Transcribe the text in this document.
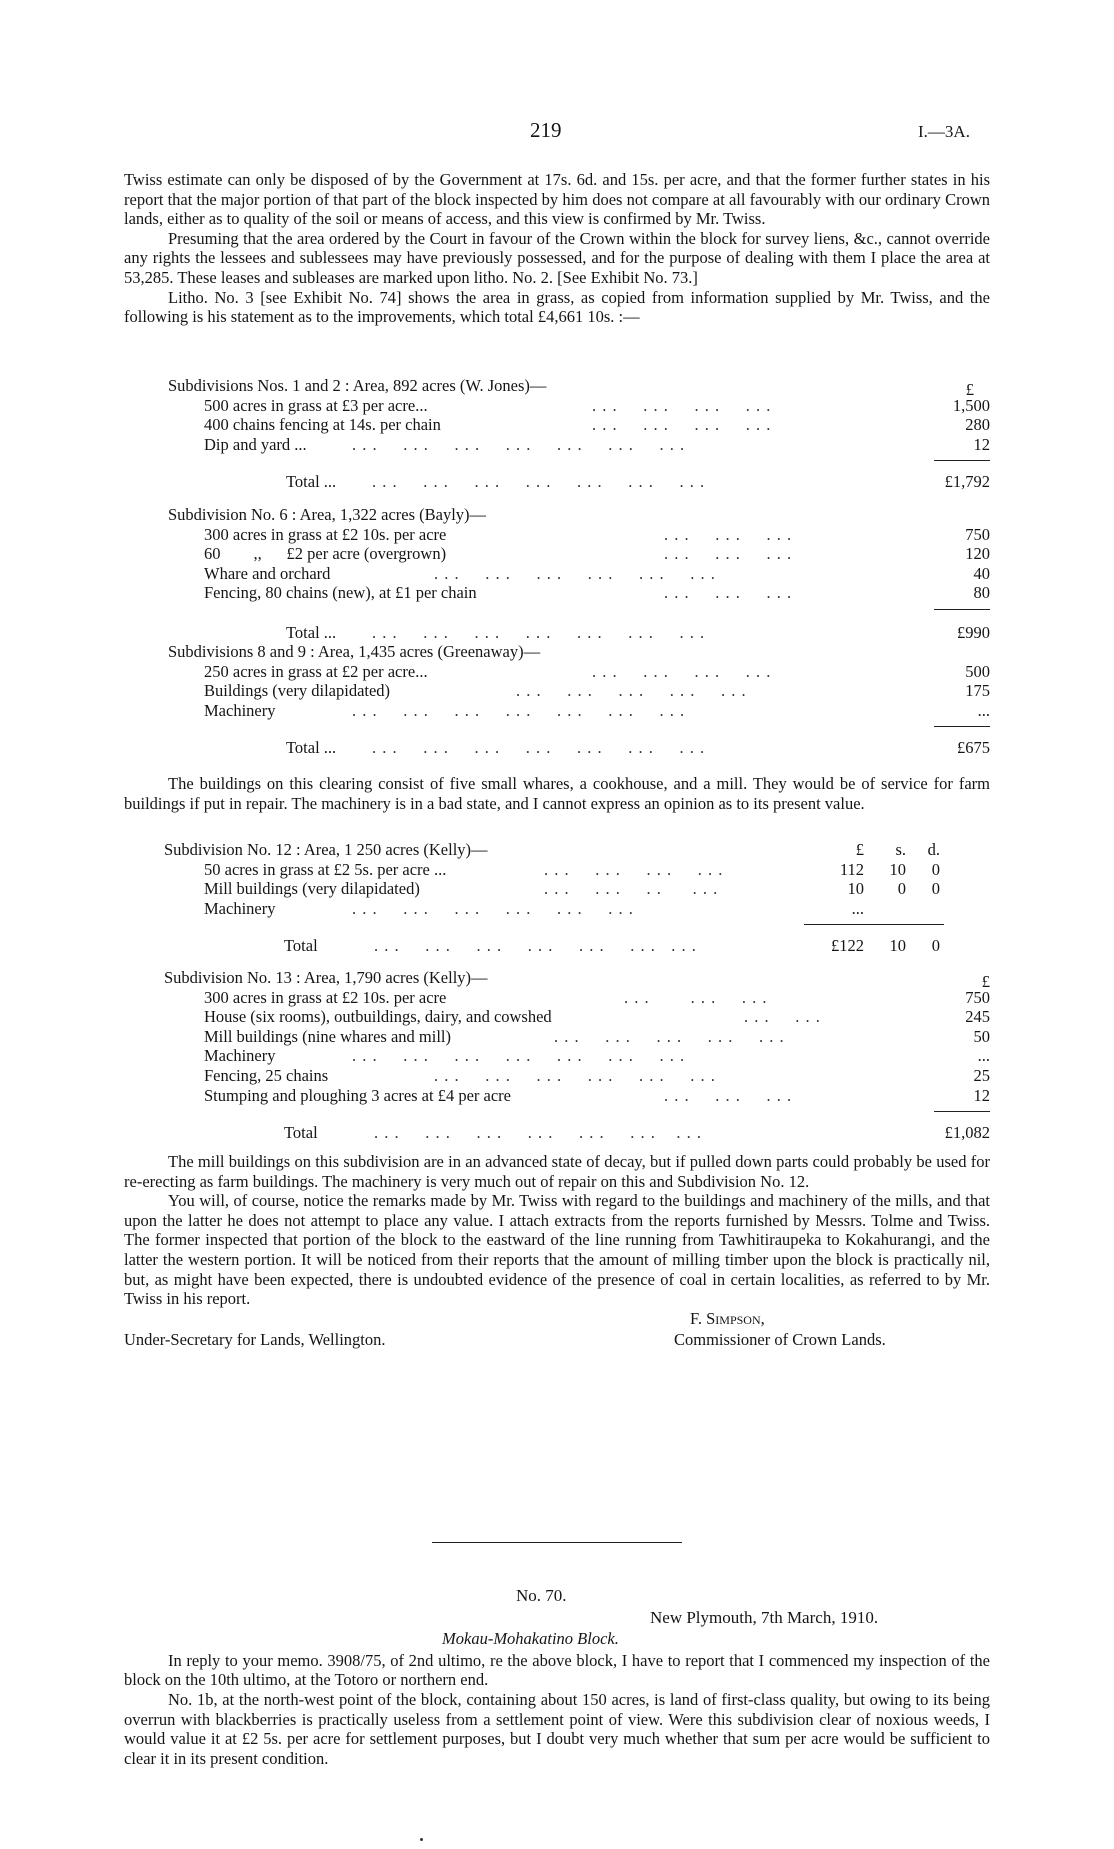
219	I.—3A.

Twiss estimate can only be disposed of by the Government at 17s. 6d. and 15s. per acre, and that the former further states in his report that the major portion of that part of the block inspected by him does not compare at all favourably with our ordinary Crown lands, either as to quality of the soil or means of access, and this view is confirmed by Mr. Twiss.

Presuming that the area ordered by the Court in favour of the Crown within the block for survey liens, &c., cannot override any rights the lessees and sublessees may have previously possessed, and for the purpose of dealing with them I place the area at 53,285. These leases and subleases are marked upon litho. No. 2. [See Exhibit No. 73.]

Litho. No. 3 [see Exhibit No. 74] shows the area in grass, as copied from information supplied by Mr. Twiss, and the following is his statement as to the improvements, which total £4,661 10s. :—

Subdivisions Nos. 1 and 2 : Area, 892 acres (W. Jones)—	£
500 acres in grass at £3 per acre...	. . .     . . .     . . .     . . .	1,500
400 chains fencing at 14s. per chain	. . .     . . .     . . .     . . .	280
Dip and yard ...	. . .     . . .     . . .     . . .     . . .     . . .     . . .	12
Total ... . . .     . . .     . . .     . . .     . . .     . . .     . . .	£1,792
Subdivision No. 6 : Area, 1,322 acres (Bayly)—
300 acres in grass at £2 10s. per acre	. . .     . . .     . . .	750
60        ,,      £2 per acre (overgrown)	. . .     . . .     . . .	120
Whare and orchard	. . .     . . .     . . .     . . .     . . .     . . .	40
Fencing, 80 chains (new), at £1 per chain	. . .     . . .     . . .	80
Total ... . . .     . . .     . . .     . . .     . . .     . . .     . . .	£990
Subdivisions 8 and 9 : Area, 1,435 acres (Greenaway)—
250 acres in grass at £2 per acre...	. . .     . . .     . . .     . . .	500
Buildings (very dilapidated)	. . .     . . .     . . .     . . .     . . .	175
Machinery	. . .     . . .     . . .     . . .     . . .     . . .     . . .	...
Total ... . . .     . . .     . . .     . . .     . . .     . . .     . . .	£675

The buildings on this clearing consist of five small whares, a cookhouse, and a mill. They would be of service for farm buildings if put in repair. The machinery is in a bad state, and I cannot express an opinion as to its present value.

Subdivision No. 12 : Area, 1 250 acres (Kelly)—	£	s.	d.
50 acres in grass at £2 5s. per acre ...	. . .     . . .     . . .     . . .	112	10	0
Mill buildings (very dilapidated)	. . .     . . .     . .      . . .	10	0	0
Machinery	. . .     . . .     . . .     . . .     . . .     . . .	...
Total	. . .     . . .     . . .     . . .     . . .     . . .   . . .	£122	10	0
Subdivision No. 13 : Area, 1,790 acres (Kelly)—	£
300 acres in grass at £2 10s. per acre	. . .        . . .     . . .	750
House (six rooms), outbuildings, dairy, and cowshed	. . .     . . .	245
Mill buildings (nine whares and mill)	. . .     . . .     . . .     . . .     . . .	50
Machinery	. . .     . . .     . . .     . . .     . . .     . . .     . . .	...
Fencing, 25 chains	. . .     . . .     . . .     . . .     . . .     . . .	25
Stumping and ploughing 3 acres at £4 per acre	. . .     . . .     . . .	12
Total	. . .     . . .     . . .     . . .     . . .     . . .    . . .	£1,082

The mill buildings on this subdivision are in an advanced state of decay, but if pulled down parts could probably be used for re-erecting as farm buildings. The machinery is very much out of repair on this and Subdivision No. 12.

You will, of course, notice the remarks made by Mr. Twiss with regard to the buildings and machinery of the mills, and that upon the latter he does not attempt to place any value. I attach extracts from the reports furnished by Messrs. Tolme and Twiss. The former inspected that portion of the block to the eastward of the line running from Tawhitiraupeka to Kokahurangi, and the latter the western portion. It will be noticed from their reports that the amount of milling timber upon the block is practically nil, but, as might have been expected, there is undoubted evidence of the presence of coal in certain localities, as referred to by Mr. Twiss in his report.

F. Simpson,
Under-Secretary for Lands, Wellington.	Commissioner of Crown Lands.
No. 70.
New Plymouth, 7th March, 1910.
Mokau-Mohakatino Block.

In reply to your memo. 3908/75, of 2nd ultimo, re the above block, I have to report that I commenced my inspection of the block on the 10th ultimo, at the Totoro or northern end.

No. 1b, at the north-west point of the block, containing about 150 acres, is land of first-class quality, but owing to its being overrun with blackberries is practically useless from a settlement point of view. Were this subdivision clear of noxious weeds, I would value it at £2 5s. per acre for settlement purposes, but I doubt very much whether that sum per acre would be sufficient to clear it in its present condition.
